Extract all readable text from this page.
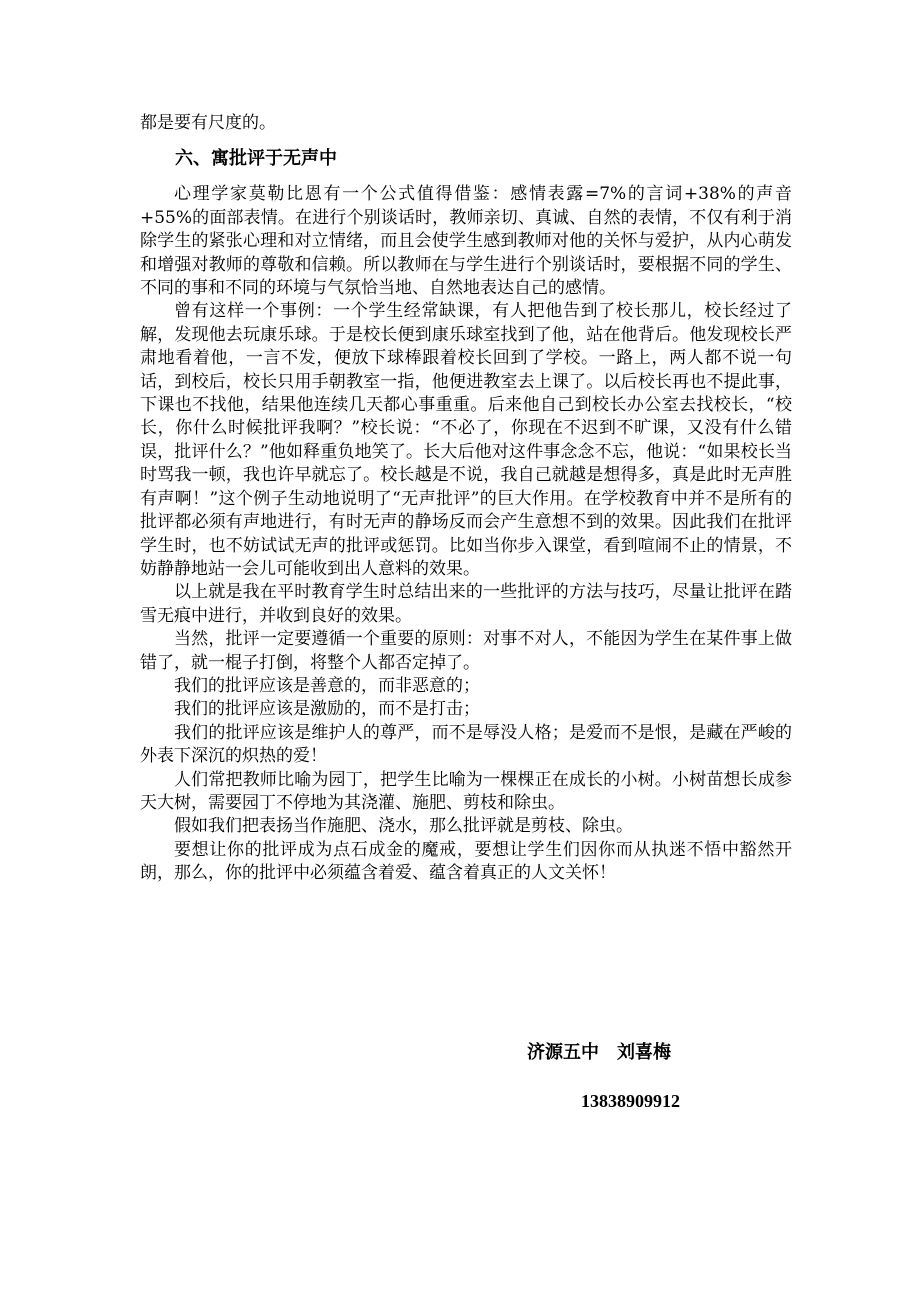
都是要有尺度的。

六、寓批评于无声中

心理学家莫勒比恩有一个公式值得借鉴：感情表露=7%的言词+38%的声音+55%的面部表情。在进行个别谈话时，教师亲切、真诚、自然的表情，不仅有利于消除学生的紧张心理和对立情绪，而且会使学生感到教师对他的关怀与爱护，从内心萌发和增强对教师的尊敬和信赖。所以教师在与学生进行个别谈话时，要根据不同的学生、不同的事和不同的环境与气氛恰当地、自然地表达自己的感情。

曾有这样一个事例：一个学生经常缺课，有人把他告到了校长那儿，校长经过了解，发现他去玩康乐球。于是校长便到康乐球室找到了他，站在他背后。他发现校长严肃地看着他，一言不发，便放下球棒跟着校长回到了学校。一路上，两人都不说一句话，到校后，校长只用手朝教室一指，他便进教室去上课了。以后校长再也不提此事，下课也不找他，结果他连续几天都心事重重。后来他自己到校长办公室去找校长，“校长，你什么时候批评我啊？”校长说：“不必了，你现在不迟到不旷课，又没有什么错误，批评什么？”他如释重负地笑了。长大后他对这件事念念不忘，他说：“如果校长当时骂我一顿，我也许早就忘了。校长越是不说，我自己就越是想得多，真是此时无声胜有声啊！”这个例子生动地说明了“无声批评”的巨大作用。在学校教育中并不是所有的批评都必须有声地进行，有时无声的静场反而会产生意想不到的效果。因此我们在批评学生时，也不妨试试无声的批评或惩罚。比如当你步入课堂，看到喧闹不止的情景，不妨静静地站一会儿可能收到出人意料的效果。

以上就是我在平时教育学生时总结出来的一些批评的方法与技巧，尽量让批评在踏雪无痕中进行，并收到良好的效果。

当然，批评一定要遵循一个重要的原则：对事不对人，不能因为学生在某件事上做错了，就一棍子打倒，将整个人都否定掉了。

我们的批评应该是善意的，而非恶意的；

我们的批评应该是激励的，而不是打击；

我们的批评应该是维护人的尊严，而不是辱没人格；是爱而不是恨，是藏在严峻的外表下深沉的炽热的爱！

人们常把教师比喻为园丁，把学生比喻为一棵棵正在成长的小树。小树苗想长成参天大树，需要园丁不停地为其浇灌、施肥、剪枝和除虫。

假如我们把表扬当作施肥、浇水，那么批评就是剪枝、除虫。

要想让你的批评成为点石成金的魔戒，要想让学生们因你而从执迷不悟中豁然开朗，那么，你的批评中必须蕴含着爱、蕴含着真正的人文关怀！

济源五中　刘喜梅
13838909912
